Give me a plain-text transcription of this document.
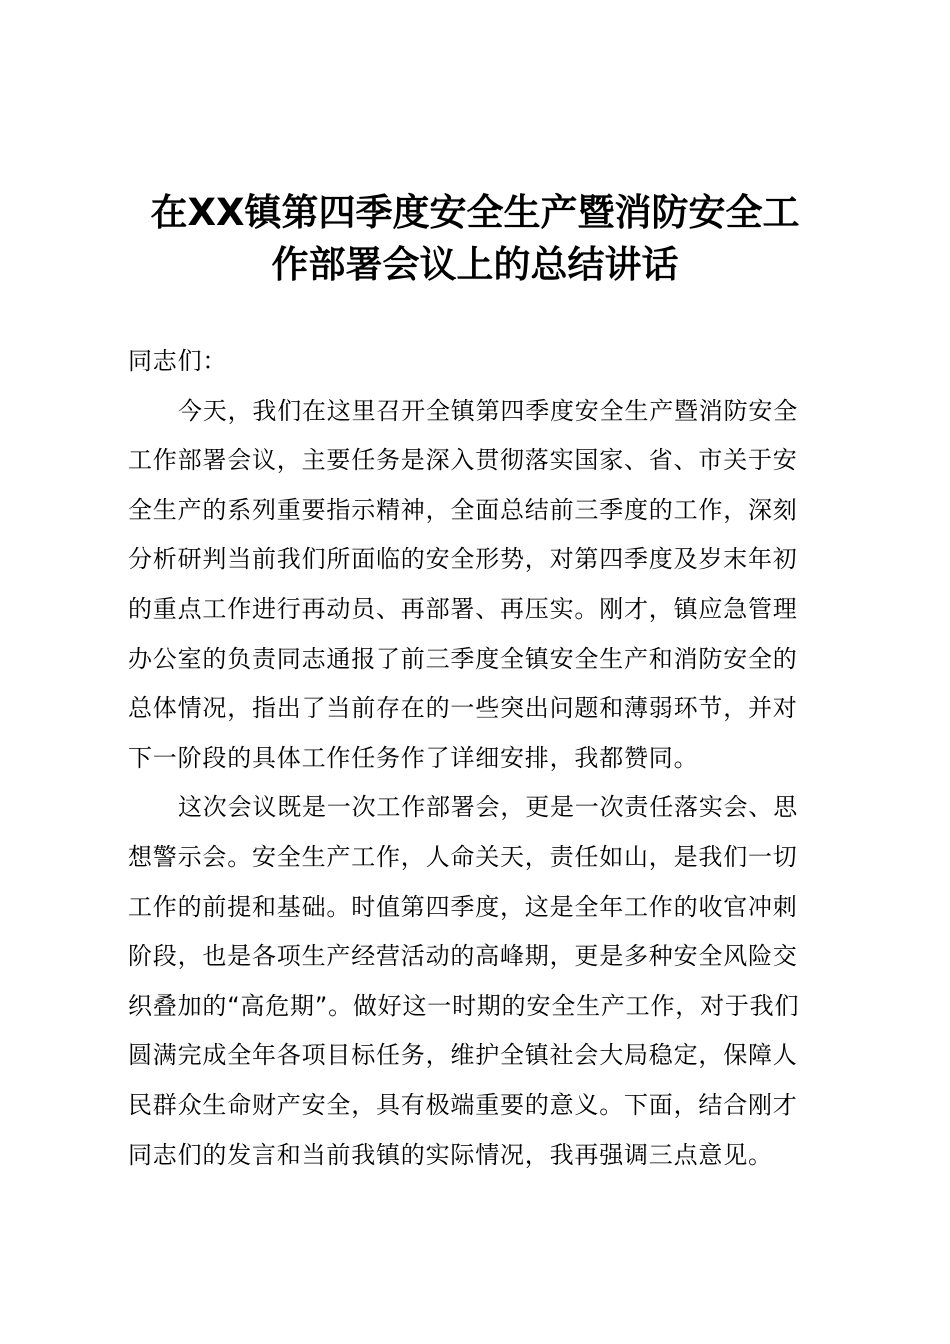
在XX镇第四季度安全生产暨消防安全工
作部署会议上的总结讲话
同志们：
今天，我们在这里召开全镇第四季度安全生产暨消防安全
工作部署会议，主要任务是深入贯彻落实国家、省、市关于安
全生产的系列重要指示精神，全面总结前三季度的工作，深刻
分析研判当前我们所面临的安全形势，对第四季度及岁末年初
的重点工作进行再动员、再部署、再压实。刚才，镇应急管理
办公室的负责同志通报了前三季度全镇安全生产和消防安全的
总体情况，指出了当前存在的一些突出问题和薄弱环节，并对
下一阶段的具体工作任务作了详细安排，我都赞同。
这次会议既是一次工作部署会，更是一次责任落实会、思
想警示会。安全生产工作，人命关天，责任如山，是我们一切
工作的前提和基础。时值第四季度，这是全年工作的收官冲刺
阶段，也是各项生产经营活动的高峰期，更是多种安全风险交
织叠加的“高危期”。做好这一时期的安全生产工作，对于我们
圆满完成全年各项目标任务，维护全镇社会大局稳定，保障人
民群众生命财产安全，具有极端重要的意义。下面，结合刚才
同志们的发言和当前我镇的实际情况，我再强调三点意见。
